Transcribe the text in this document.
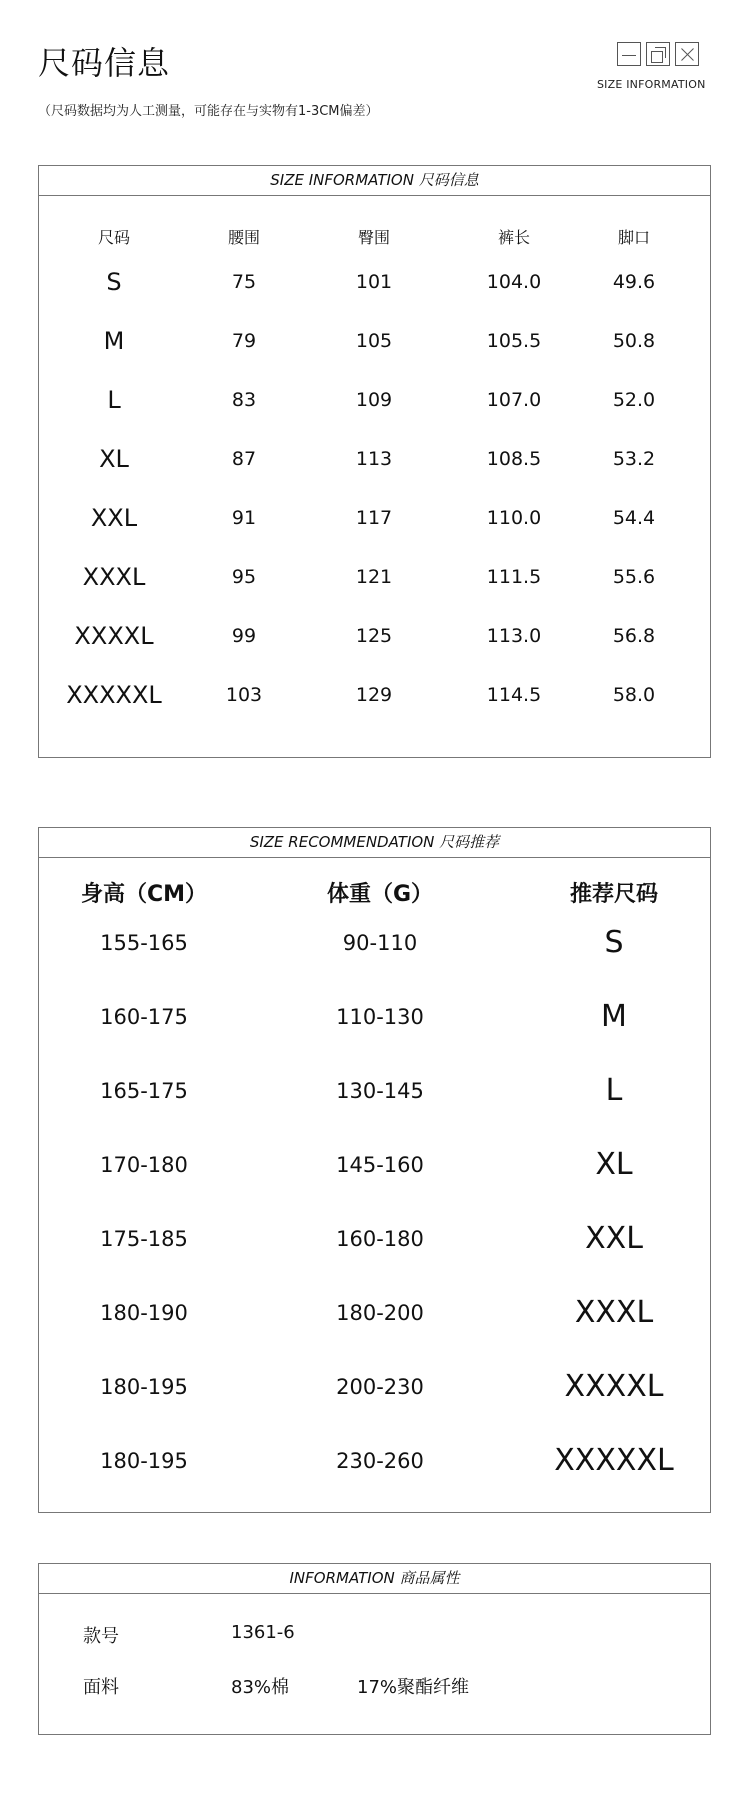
尺码信息
（尺码数据均为人工测量，可能存在与实物有1-3CM偏差）
SIZE INFORMATION
SIZE INFORMATION 尺码信息
尺码	腰围	臀围	裤长	脚口
S	75	101	104.0	49.6
M	79	105	105.5	50.8
L	83	109	107.0	52.0
XL	87	113	108.5	53.2
XXL	91	117	110.0	54.4
XXXL	95	121	111.5	55.6
XXXXL	99	125	113.0	56.8
XXXXXL	103	129	114.5	58.0
SIZE RECOMMENDATION 尺码推荐
身高（CM）	体重（G）	推荐尺码
155-165	90-110	S
160-175	110-130	M
165-175	130-145	L
170-180	145-160	XL
175-185	160-180	XXL
180-190	180-200	XXXL
180-195	200-230	XXXXL
180-195	230-260	XXXXXL
INFORMATION 商品属性
款号	1361-6
面料	83%棉	17%聚酯纤维
